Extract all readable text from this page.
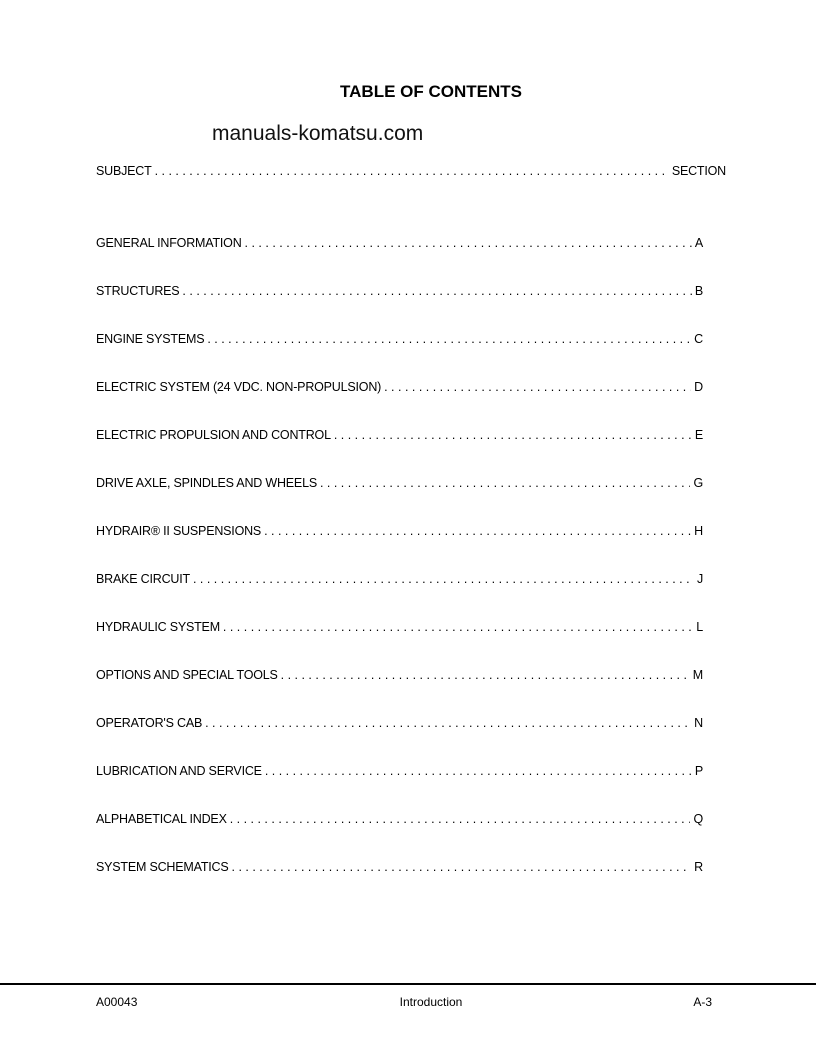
TABLE OF CONTENTS
manuals-komatsu.com
SUBJECT . . .	SECTION
GENERAL INFORMATION . . .	A
STRUCTURES . . .	B
ENGINE SYSTEMS . . .	C
ELECTRIC SYSTEM (24 VDC. NON-PROPULSION) . . .	D
ELECTRIC PROPULSION AND CONTROL . . .	E
DRIVE AXLE, SPINDLES AND WHEELS . . .	G
HYDRAIR® II SUSPENSIONS . . .	H
BRAKE CIRCUIT . . .	J
HYDRAULIC SYSTEM . . .	L
OPTIONS AND SPECIAL TOOLS . . .	M
OPERATOR'S CAB . . .	N
LUBRICATION AND SERVICE . . .	P
ALPHABETICAL INDEX . . .	Q
SYSTEM SCHEMATICS . . .	R
A00043	Introduction	A-3
